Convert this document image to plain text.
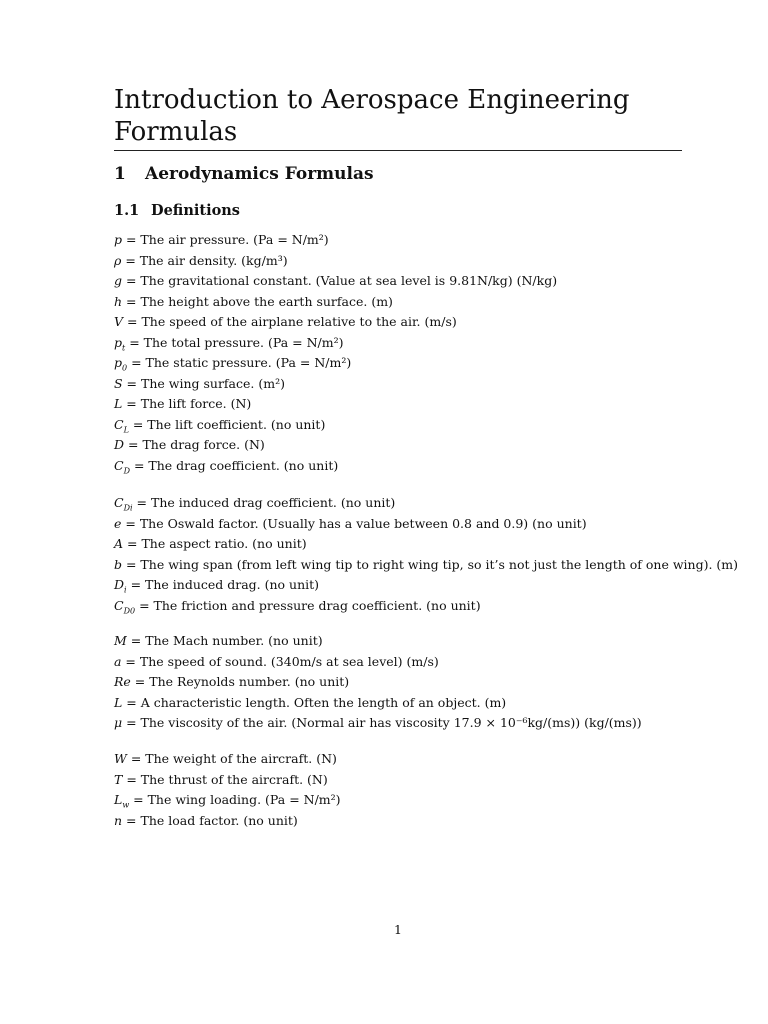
Introduction to Aerospace Engineering Formulas
1 Aerodynamics Formulas
1.1 Definitions
p = The air pressure. (Pa = N/m²)
ρ = The air density. (kg/m³)
g = The gravitational constant. (Value at sea level is 9.81N/kg) (N/kg)
h = The height above the earth surface. (m)
V = The speed of the airplane relative to the air. (m/s)
$p_t$ = The total pressure. (Pa = N/m²)
$p_0$ = The static pressure. (Pa = N/m²)
S = The wing surface. (m²)
L = The lift force. (N)
$C_L$ = The lift coefficient. (no unit)
D = The drag force. (N)
$C_D$ = The drag coefficient. (no unit)
$C_{Di}$ = The induced drag coefficient. (no unit)
e = The Oswald factor. (Usually has a value between 0.8 and 0.9) (no unit)
A = The aspect ratio. (no unit)
b = The wing span (from left wing tip to right wing tip, so it’s not just the length of one wing). (m)
$D_i$ = The induced drag. (no unit)
$C_{D0}$ = The friction and pressure drag coefficient. (no unit)
M = The Mach number. (no unit)
a = The speed of sound. (340m/s at sea level) (m/s)
Re = The Reynolds number. (no unit)
L = A characteristic length. Often the length of an object. (m)
μ = The viscosity of the air. (Normal air has viscosity 17.9 × 10⁻⁶kg/(ms)) (kg/(ms))
W = The weight of the aircraft. (N)
T = The thrust of the aircraft. (N)
$L_w$ = The wing loading. (Pa = N/m²)
n = The load factor. (no unit)
1
